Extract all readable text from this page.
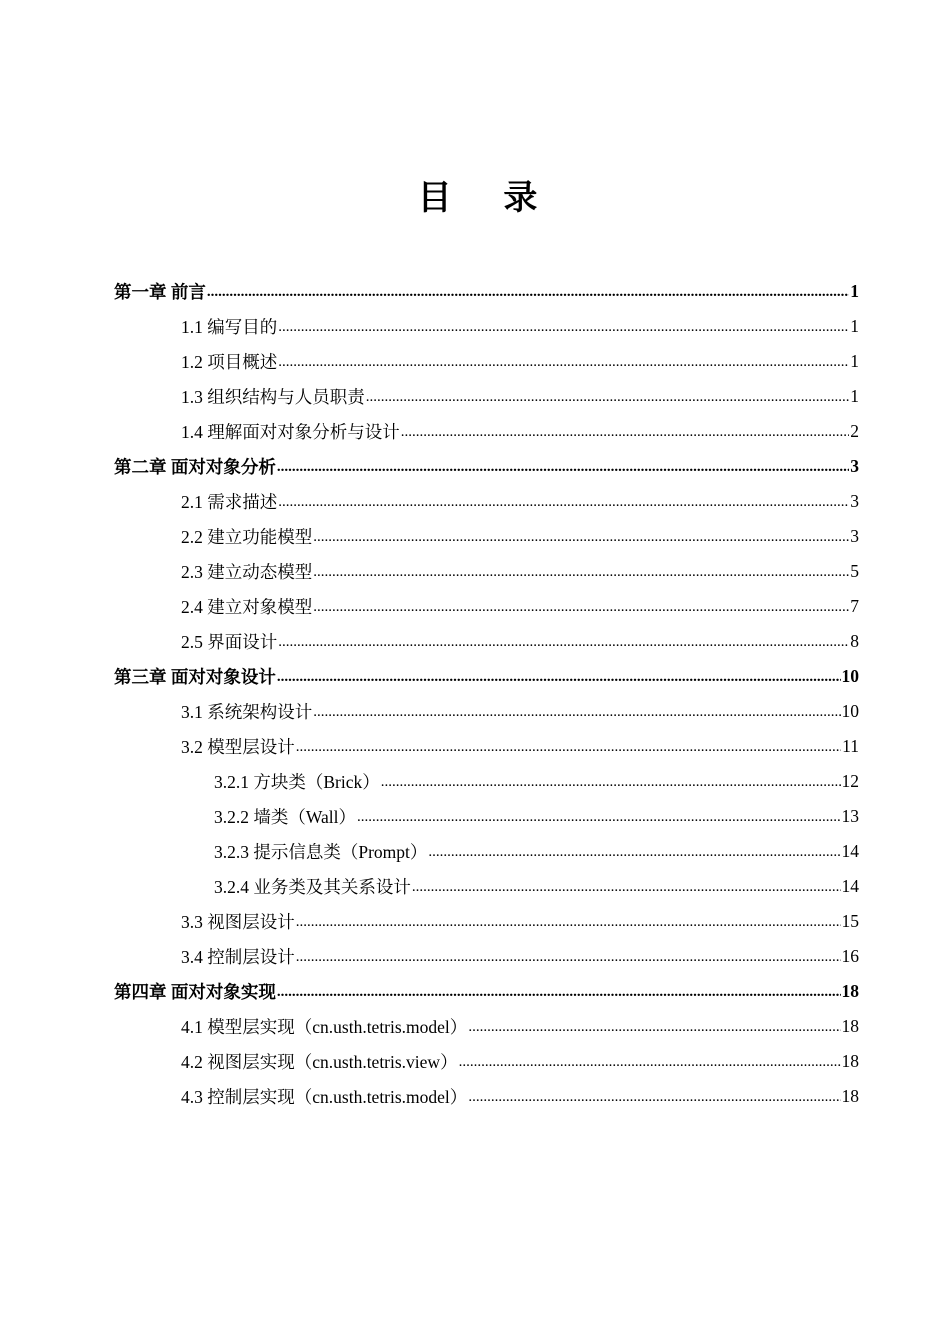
目 录
第一章 前言 .....	1
1.1 编写目的 .....	1
1.2 项目概述 .....	1
1.3 组织结构与人员职责 .....	1
1.4 理解面对对象分析与设计 .....	2
第二章 面对对象分析 .....	3
2.1 需求描述 .....	3
2.2 建立功能模型 .....	3
2.3 建立动态模型 .....	5
2.4 建立对象模型 .....	7
2.5 界面设计 .....	8
第三章 面对对象设计 .....	10
3.1 系统架构设计 .....	10
3.2 模型层设计 .....	11
3.2.1 方块类（Brick） .....	12
3.2.2 墙类（Wall） .....	13
3.2.3 提示信息类（Prompt） .....	14
3.2.4 业务类及其关系设计 .....	14
3.3 视图层设计 .....	15
3.4 控制层设计 .....	16
第四章 面对对象实现 .....	18
4.1 模型层实现（cn.usth.tetris.model） .....	18
4.2 视图层实现（cn.usth.tetris.view） .....	18
4.3 控制层实现（cn.usth.tetris.model） .....	18
